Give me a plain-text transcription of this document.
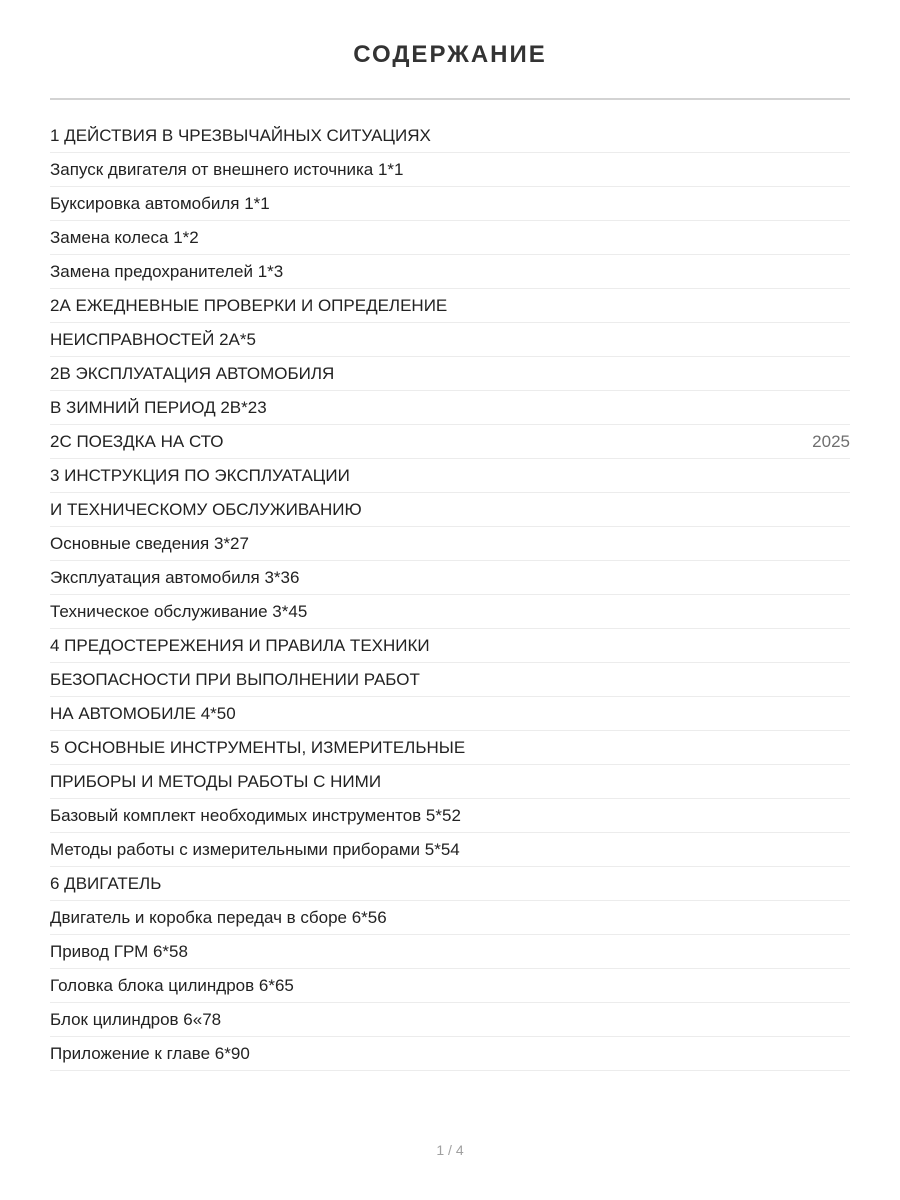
СОДЕРЖАНИЕ
1 ДЕЙСТВИЯ В ЧРЕЗВЫЧАЙНЫХ СИТУАЦИЯХ
Запуск двигателя от внешнего источника 1*1
Буксировка автомобиля 1*1
Замена колеса 1*2
Замена предохранителей 1*3
2А ЕЖЕДНЕВНЫЕ ПРОВЕРКИ И ОПРЕДЕЛЕНИЕ
НЕИСПРАВНОСТЕЙ 2А*5
2В ЭКСПЛУАТАЦИЯ АВТОМОБИЛЯ
В ЗИМНИЙ ПЕРИОД 2В*23
2С ПОЕЗДКА НА СТО	2025
3 ИНСТРУКЦИЯ ПО ЭКСПЛУАТАЦИИ
И ТЕХНИЧЕСКОМУ ОБСЛУЖИВАНИЮ
Основные сведения 3*27
Эксплуатация автомобиля 3*36
Техническое обслуживание 3*45
4 ПРЕДОСТЕРЕЖЕНИЯ И ПРАВИЛА ТЕХНИКИ
БЕЗОПАСНОСТИ ПРИ ВЫПОЛНЕНИИ РАБОТ
НА АВТОМОБИЛЕ 4*50
5 ОСНОВНЫЕ ИНСТРУМЕНТЫ, ИЗМЕРИТЕЛЬНЫЕ
ПРИБОРЫ И МЕТОДЫ РАБОТЫ С НИМИ
Базовый комплект необходимых инструментов 5*52
Методы работы с измерительными приборами 5*54
6 ДВИГАТЕЛЬ
Двигатель и коробка передач в сборе 6*56
Привод ГРМ 6*58
Головка блока цилиндров 6*65
Блок цилиндров 6«78
Приложение к главе 6*90
1 / 4
